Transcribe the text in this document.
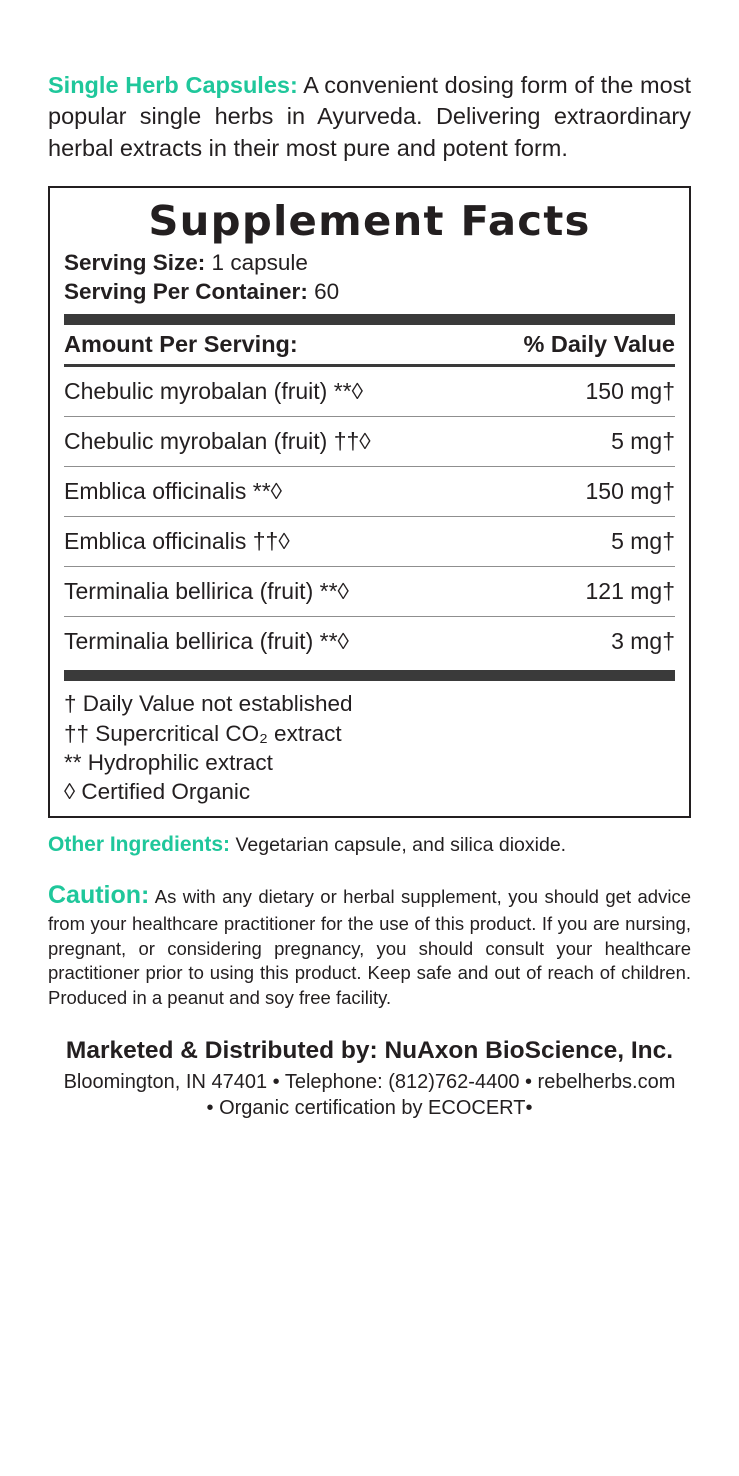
Single Herb Capsules: A convenient dosing form of the most popular single herbs in Ayurveda. Delivering extraordinary herbal extracts in their most pure and potent form.

Supplement Facts
Serving Size: 1 capsule
Serving Per Container: 60
Amount Per Serving:	% Daily Value
Chebulic myrobalan (fruit) **◊	150 mg†
Chebulic myrobalan (fruit) ††◊	5 mg†
Emblica officinalis **◊	150 mg†
Emblica officinalis ††◊	5 mg†
Terminalia bellirica (fruit) **◊	121 mg†
Terminalia bellirica (fruit) **◊	3 mg†
† Daily Value not established
†† Supercritical CO₂ extract
** Hydrophilic extract
◊ Certified Organic

Other Ingredients: Vegetarian capsule, and silica dioxide.

Caution: As with any dietary or herbal supplement, you should get advice from your healthcare practitioner for the use of this product. If you are nursing, pregnant, or considering pregnancy, you should consult your healthcare practitioner prior to using this product. Keep safe and out of reach of children. Produced in a peanut and soy free facility.

Marketed & Distributed by: NuAxon BioScience, Inc.
Bloomington, IN 47401 • Telephone: (812)762-4400 • rebelherbs.com
• Organic certification by ECOCERT•
